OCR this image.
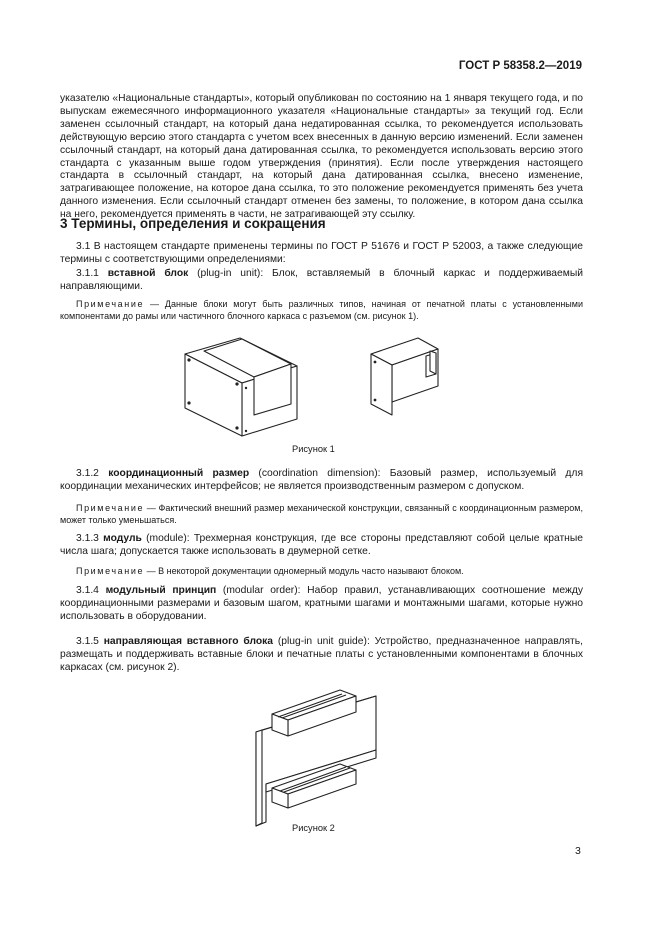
ГОСТ Р 58358.2—2019

указателю «Национальные стандарты», который опубликован по состоянию на 1 января текущего года, и по выпускам ежемесячного информационного указателя «Национальные стандарты» за текущий год. Если заменен ссылочный стандарт, на который дана недатированная ссылка, то рекомендуется использовать действующую версию этого стандарта с учетом всех внесенных в данную версию изменений. Если заменен ссылочный стандарт, на который дана датированная ссылка, то рекомендуется использовать версию этого стандарта с указанным выше годом утверждения (принятия). Если после утверждения настоящего стандарта в ссылочный стандарт, на который дана датированная ссылка, внесено изменение, затрагивающее положение, на которое дана ссылка, то это положение рекомендуется применять без учета данного изменения. Если ссылочный стандарт отменен без замены, то положение, в котором дана ссылка на него, рекомендуется применять в части, не затрагивающей эту ссылку.

3 Термины, определения и сокращения

3.1 В настоящем стандарте применены термины по ГОСТ Р 51676 и ГОСТ Р 52003, а также следующие термины с соответствующими определениями:

3.1.1 вставной блок (plug-in unit): Блок, вставляемый в блочный каркас и поддерживаемый направляющими.

Примечание — Данные блоки могут быть различных типов, начиная от печатной платы с установленными компонентами до рамы или частичного блочного каркаса с разъемом (см. рисунок 1).

Рисунок 1

3.1.2 координационный размер (coordination dimension): Базовый размер, используемый для координации механических интерфейсов; не является производственным размером с допуском.

Примечание — Фактический внешний размер механической конструкции, связанный с координационным размером, может только уменьшаться.

3.1.3 модуль (module): Трехмерная конструкция, где все стороны представляют собой целые кратные числа шага; допускается также использовать в двумерной сетке.

Примечание — В некоторой документации одномерный модуль часто называют блоком.

3.1.4 модульный принцип (modular order): Набор правил, устанавливающих соотношение между координационными размерами и базовым шагом, кратными шагами и монтажными шагами, которые нужно использовать в оборудовании.

3.1.5 направляющая вставного блока (plug-in unit guide): Устройство, предназначенное направлять, размещать и поддерживать вставные блоки и печатные платы с установленными компонентами в блочных каркасах (см. рисунок 2).

Рисунок 2
3
